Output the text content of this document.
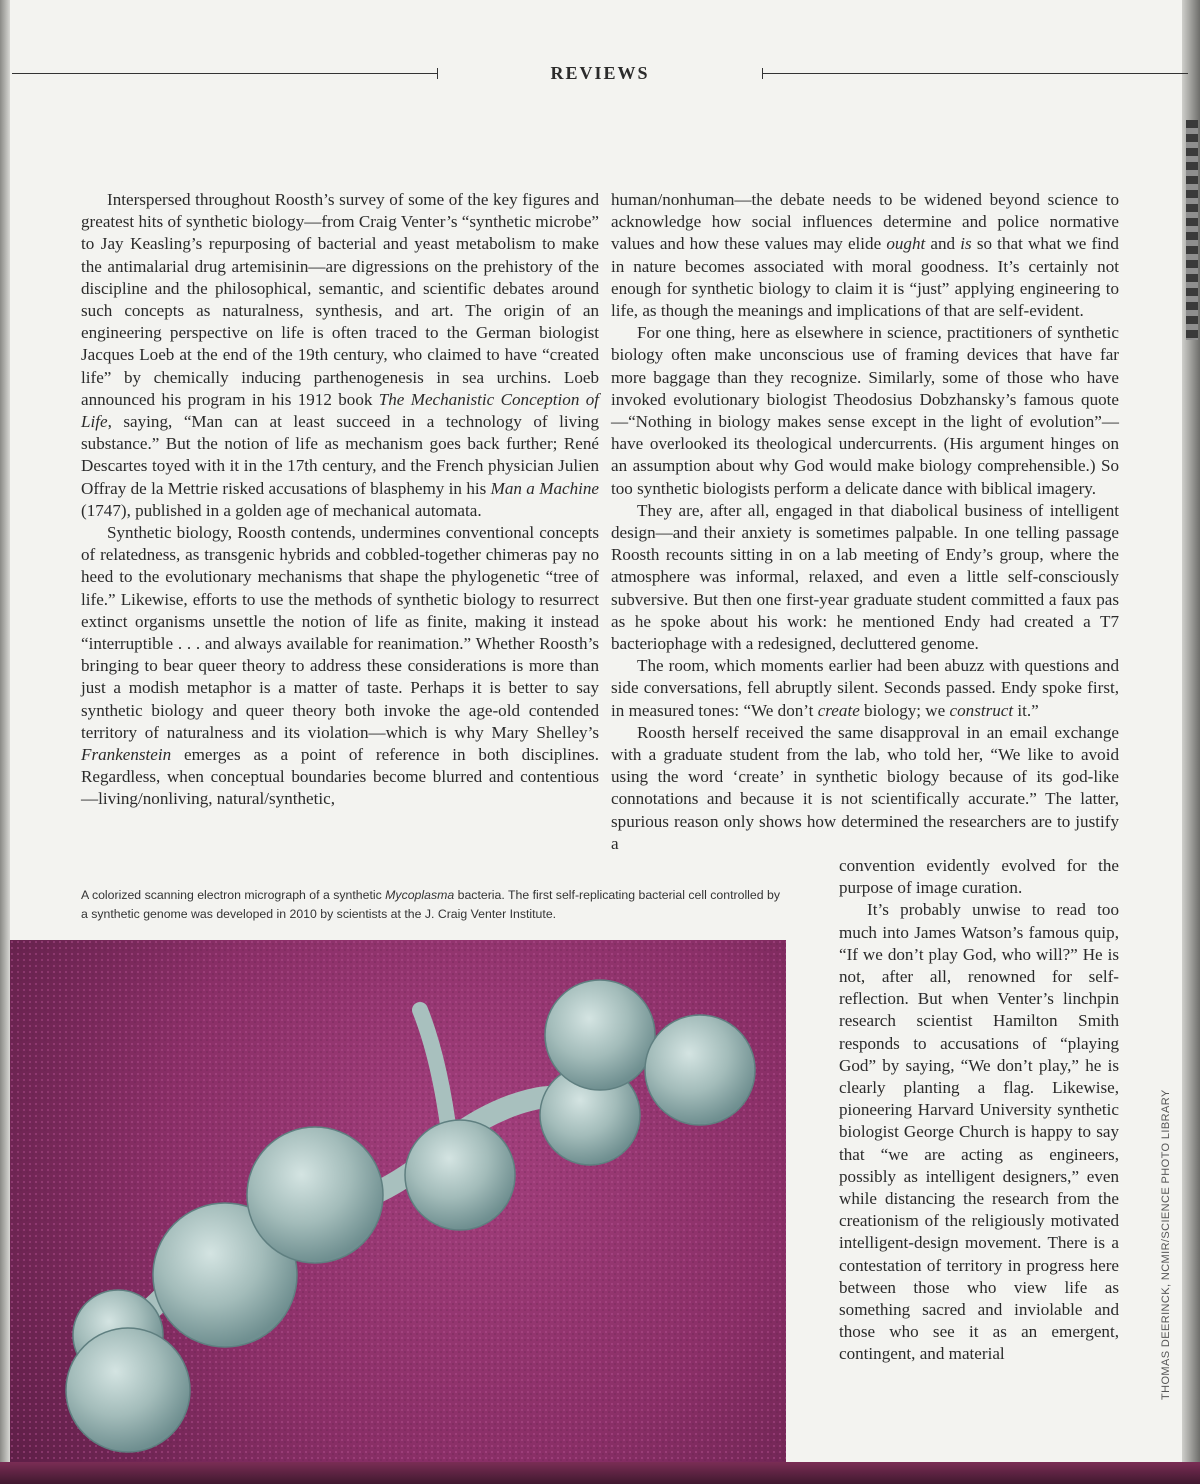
REVIEWS

Interspersed throughout Roosth’s survey of some of the key figures and greatest hits of synthetic biology—from Craig Venter’s “synthetic microbe” to Jay Keasling’s repurposing of bacterial and yeast metabolism to make the antimalarial drug artemisinin—are digressions on the prehistory of the discipline and the philosophical, semantic, and scientific debates around such concepts as naturalness, synthesis, and art. The origin of an engineering perspective on life is often traced to the German biologist Jacques Loeb at the end of the 19th century, who claimed to have “created life” by chemically inducing parthenogenesis in sea urchins. Loeb announced his program in his 1912 book The Mechanistic Conception of Life, saying, “Man can at least succeed in a technology of living substance.” But the notion of life as mechanism goes back further; René Descartes toyed with it in the 17th century, and the French physician Julien Offray de la Mettrie risked accusations of blasphemy in his Man a Machine (1747), published in a golden age of mechanical automata.

Synthetic biology, Roosth contends, undermines conventional concepts of relatedness, as transgenic hybrids and cobbled-together chimeras pay no heed to the evolutionary mechanisms that shape the phylogenetic “tree of life.” Likewise, efforts to use the methods of synthetic biology to resurrect extinct organisms unsettle the notion of life as finite, making it instead “interruptible . . . and always available for reanimation.” Whether Roosth’s bringing to bear queer theory to address these considerations is more than just a modish metaphor is a matter of taste. Perhaps it is better to say synthetic biology and queer theory both invoke the age-old contended territory of naturalness and its violation—which is why Mary Shelley’s Frankenstein emerges as a point of reference in both disciplines. Regardless, when conceptual boundaries become blurred and contentious—living/nonliving, natural/synthetic,

human/nonhuman—the debate needs to be widened beyond science to acknowledge how social influences determine and police normative values and how these values may elide ought and is so that what we find in nature becomes associated with moral goodness. It’s certainly not enough for synthetic biology to claim it is “just” applying engineering to life, as though the meanings and implications of that are self-evident.

For one thing, here as elsewhere in science, practitioners of synthetic biology often make unconscious use of framing devices that have far more baggage than they recognize. Similarly, some of those who have invoked evolutionary biologist Theodosius Dobzhansky’s famous quote—“Nothing in biology makes sense except in the light of evolution”—have overlooked its theological undercurrents. (His argument hinges on an assumption about why God would make biology comprehensible.) So too synthetic biologists perform a delicate dance with biblical imagery.

They are, after all, engaged in that diabolical business of intelligent design—and their anxiety is sometimes palpable. In one telling passage Roosth recounts sitting in on a lab meeting of Endy’s group, where the atmosphere was informal, relaxed, and even a little self-consciously subversive. But then one first-year graduate student committed a faux pas as he spoke about his work: he mentioned Endy had created a T7 bacteriophage with a redesigned, decluttered genome.

The room, which moments earlier had been abuzz with questions and side conversations, fell abruptly silent. Seconds passed. Endy spoke first, in measured tones: “We don’t create biology; we construct it.”

Roosth herself received the same disapproval in an email exchange with a graduate student from the lab, who told her, “We like to avoid using the word ‘create’ in synthetic biology because of its god-like connotations and because it is not scientifically accurate.” The latter, spurious reason only shows how determined the researchers are to justify a

convention evidently evolved for the purpose of image curation.

It’s probably unwise to read too much into James Watson’s famous quip, “If we don’t play God, who will?” He is not, after all, renowned for self-reflection. But when Venter’s linchpin research scientist Hamilton Smith responds to accusations of “playing God” by saying, “We don’t play,” he is clearly planting a flag. Likewise, pioneering Harvard University synthetic biologist George Church is happy to say that “we are acting as engineers, possibly as intelligent designers,” even while distancing the research from the creationism of the religiously motivated intelligent-design movement. There is a contestation of territory in progress here between those who view life as something sacred and inviolable and those who see it as an emergent, contingent, and material

A colorized scanning electron micrograph of a synthetic Mycoplasma bacteria. The first self-replicating bacterial cell controlled by a synthetic genome was developed in 2010 by scientists at the J. Craig Venter Institute.
THOMAS DEERINCK, NCMIR/SCIENCE PHOTO LIBRARY
